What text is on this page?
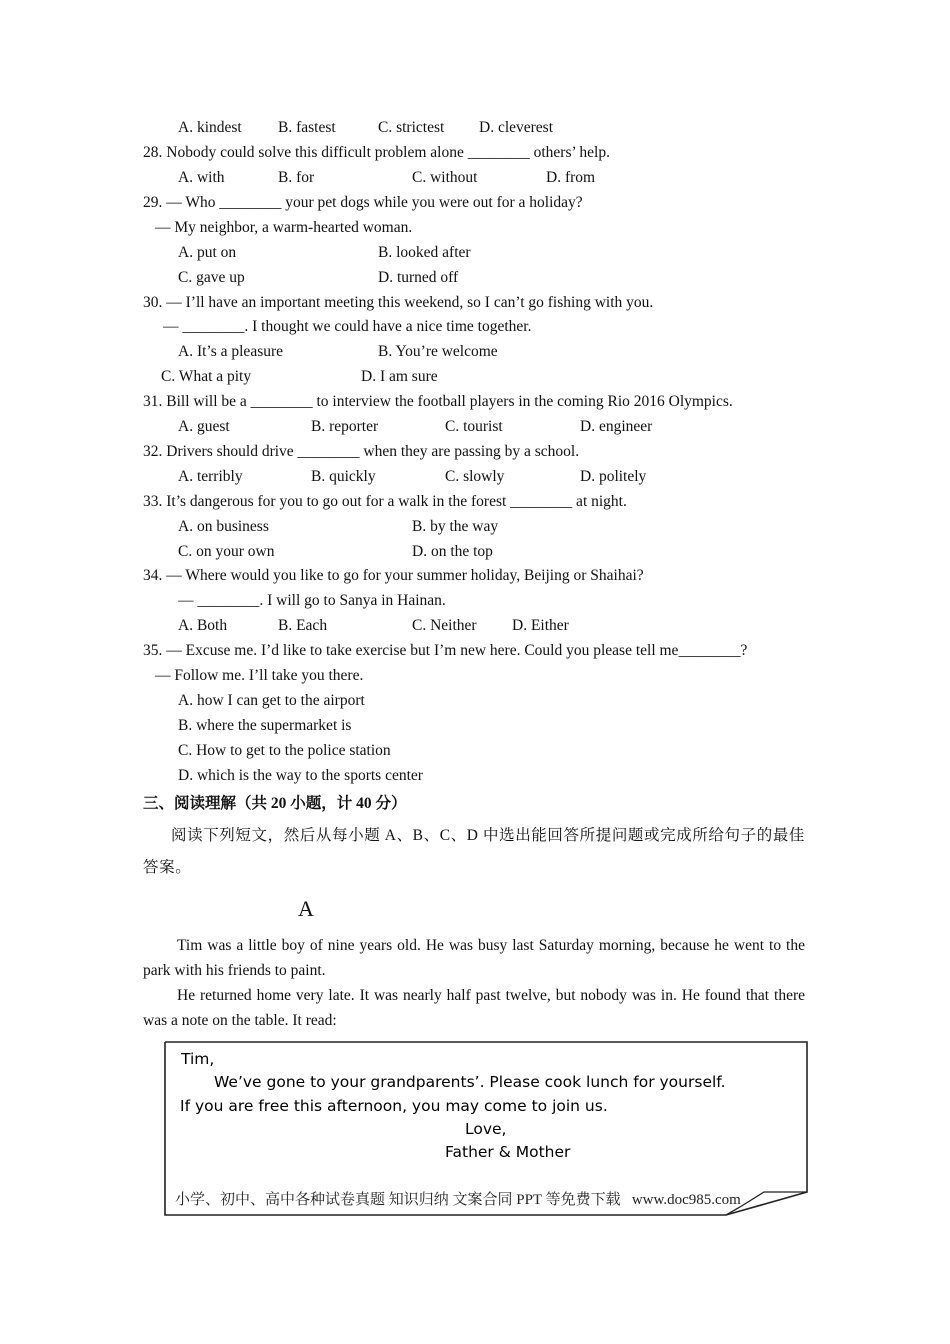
A. kindest B. fastest	C. strictest D. cleverest
28. Nobody could solve this difficult problem alone ________ others’ help.
A. with	B. for	C. without	D. from
29. — Who ________ your pet dogs while you were out for a holiday?
— My neighbor, a warm-hearted woman.
A. put on	B. looked after
C. gave up	D. turned off
30. — I’ll have an important meeting this weekend, so I can’t go fishing with you.
— ________. I thought we could have a nice time together.
A. It’s a pleasure	B. You’re welcome
C. What a pity	D. I am sure
31. Bill will be a ________ to interview the football players in the coming Rio 2016 Olympics.
A. guest	B. reporter	C. tourist	D. engineer
32. Drivers should drive ________ when they are passing by a school.
A. terribly	B. quickly	C. slowly	D. politely
33. It’s dangerous for you to go out for a walk in the forest ________ at night.
A. on business	B. by the way
C. on your own	D. on the top
34. — Where would you like to go for your summer holiday, Beijing or Shaihai?
— ________. I will go to Sanya in Hainan.
A. Both	B. Each	C. Neither D. Either
35. — Excuse me. I’d like to take exercise but I’m new here. Could you please tell me________?
— Follow me. I’ll take you there.
A. how I can get to the airport
B. where the supermarket is
C. How to get to the police station
D. which is the way to the sports center
三、阅读理解（共 20 小题，计 40 分）
阅读下列短文，然后从每小题 A、B、C、D 中选出能回答所提问题或完成所给句子的最佳答案。
A
Tim was a little boy of nine years old. He was busy last Saturday morning, because he went to the park with his friends to paint.
He returned home very late. It was nearly half past twelve, but nobody was in. He found that there was a note on the table. It read:
Tim,
We’ve gone to your grandparents’. Please cook lunch for yourself.
If you are free this afternoon, you may come to join us.
Love,
Father & Mother
小学、初中、高中各种试卷真题 知识归纳 文案合同 PPT 等免费下载   www.doc985.com
